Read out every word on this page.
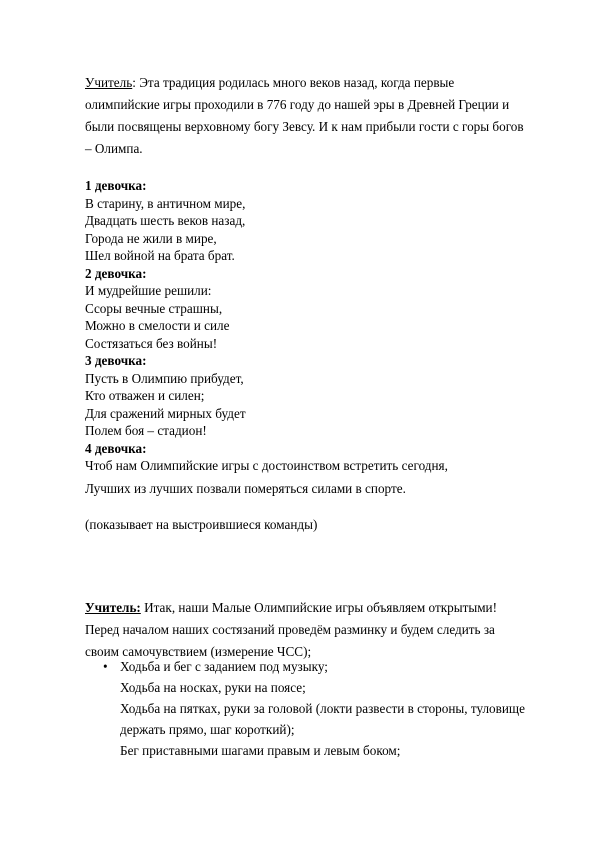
Учитель: Эта традиция родилась много веков назад, когда первые
олимпийские игры проходили в 776 году до нашей эры в Древней Греции и
были посвящены верховному богу Зевсу. И к нам прибыли гости с горы богов
– Олимпа.
1 девочка:
В старину, в античном мире,
Двадцать шесть веков назад,
Города не жили в мире,
Шел войной на брата брат.
2 девочка:
И мудрейшие решили:
Ссоры вечные страшны,
Можно в смелости и силе
Состязаться без войны!
3 девочка:
Пусть в Олимпию прибудет,
Кто отважен и силен;
Для сражений мирных будет
Полем боя – стадион!
4 девочка:
Чтоб нам Олимпийские игры с достоинством встретить сегодня,
Лучших из лучших позвали померяться силами в спорте.
(показывает на выстроившиеся команды)
Учитель: Итак, наши Малые Олимпийские игры объявляем открытыми!
Перед началом наших состязаний проведём разминку и будем следить за
своим самочувствием (измерение ЧСС);
• Ходьба и бег с заданием под музыку;
Ходьба на носках, руки на поясе;
Ходьба на пятках, руки за головой (локти развести в стороны, туловище
держать прямо, шаг короткий);
Бег приставными шагами правым и левым боком;
